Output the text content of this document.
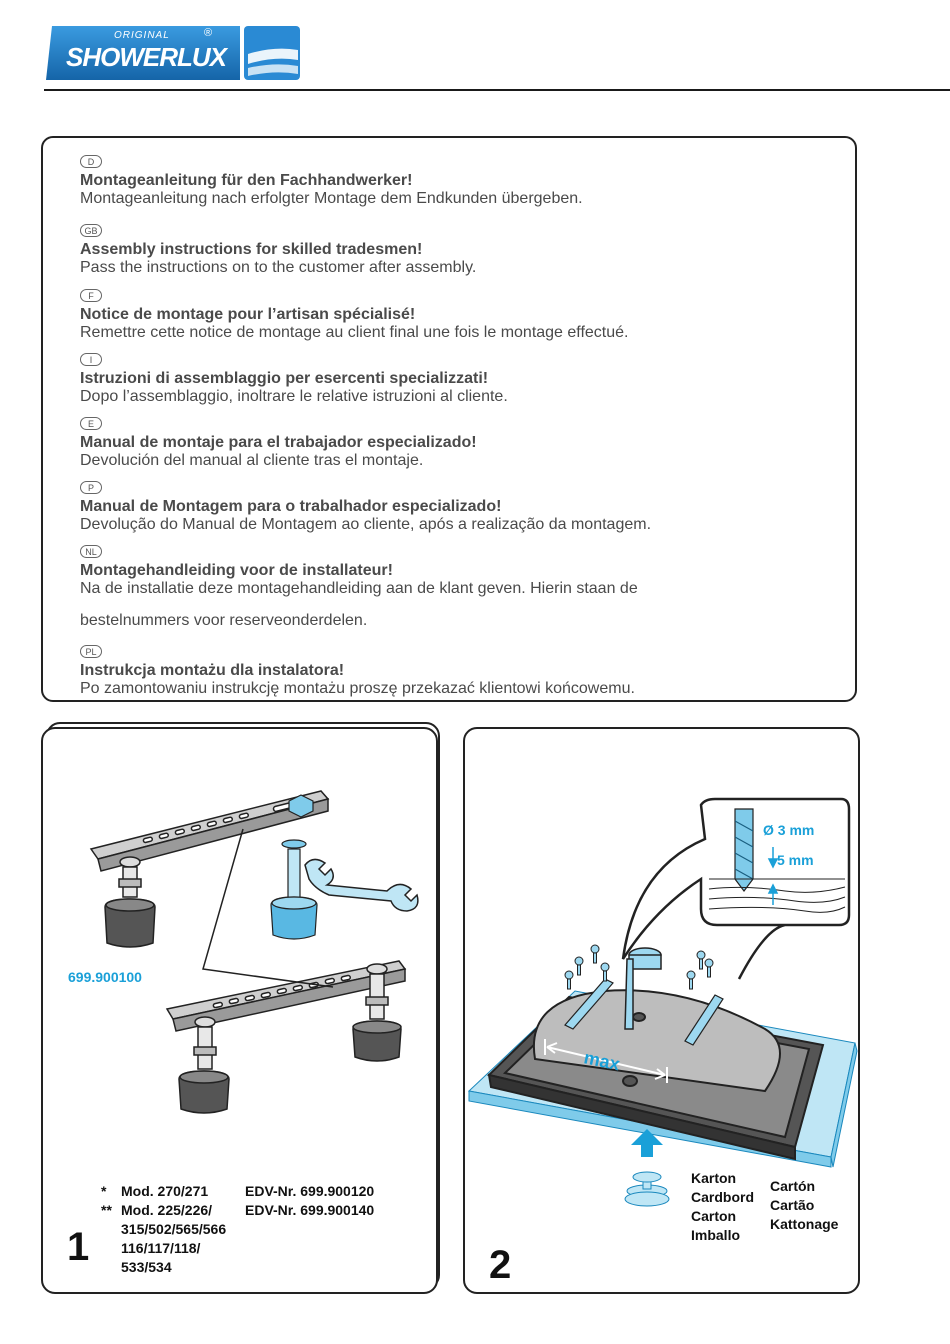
ORIGINAL	®
SHOWERLUX
D
Montageanleitung für den Fachhandwerker!
Montageanleitung nach erfolgter Montage dem Endkunden übergeben.
GB
Assembly instructions for skilled tradesmen!
Pass the instructions on to the customer after assembly.
F
Notice de montage pour l’artisan spécialisé!
Remettre cette notice de montage au client final une fois le montage effectué.
I
Istruzioni di assemblaggio per esercenti specializzati!
Dopo l’assemblaggio, inoltrare le relative istruzioni al cliente.
E
Manual de montaje para el trabajador especializado!
Devolución del manual al cliente tras el montaje.
P
Manual de Montagem para o trabalhador especializado!
Devolução do Manual de Montagem ao cliente, após a realização da montagem.
NL
Montagehandleiding voor de installateur!
Na de installatie deze montagehandleiding aan de klant geven. Hierin staan de
bestelnummers voor reserveonderdelen.
PL
Instrukcja montażu dla instalatora!
Po zamontowaniu instrukcję montażu proszę przekazać klientowi końcowemu.
699.900100
*	Mod. 270/271	EDV-Nr. 699.900120
** Mod. 225/226/	EDV-Nr. 699.900140
315/502/565/566
116/117/118/
533/534
1
max
Ø 3 mm
5 mm
Karton
Cardbord
Carton
Imballo
Cartón
Cartão
Kattonage
2
